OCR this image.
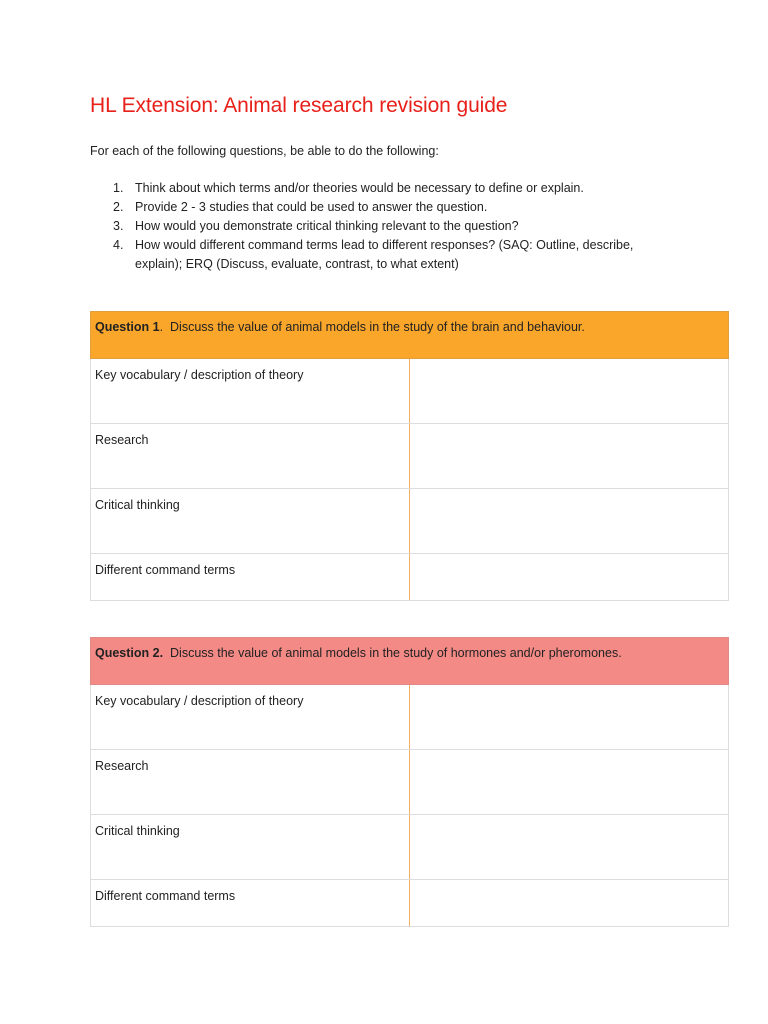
HL Extension: Animal research revision guide

For each of the following questions, be able to do the following:

1. Think about which terms and/or theories would be necessary to define or explain.
2. Provide 2 - 3 studies that could be used to answer the question.
3. How would you demonstrate critical thinking relevant to the question?
4. How would different command terms lead to different responses? (SAQ: Outline, describe, explain); ERQ (Discuss, evaluate, contrast, to what extent)
Question 1. Discuss the value of animal models in the study of the brain and behaviour.	
Key vocabulary / description of theory	
Research	
Critical thinking	
Different command terms	
Question 2. Discuss the value of animal models in the study of hormones and/or pheromones.	
Key vocabulary / description of theory	
Research	
Critical thinking	
Different command terms	
